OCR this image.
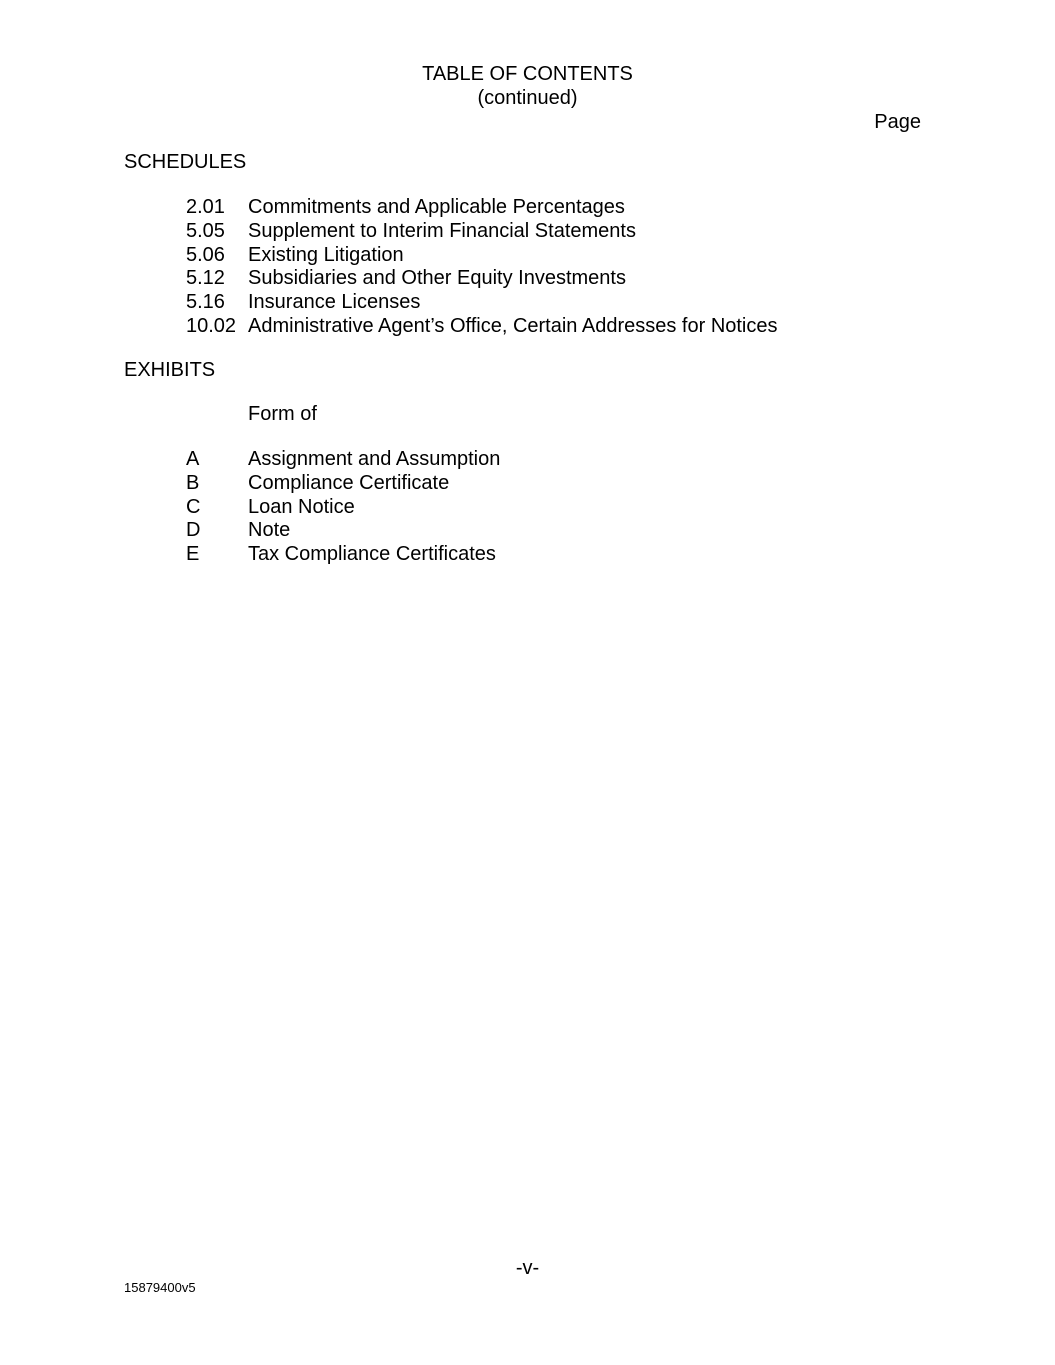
TABLE OF CONTENTS
(continued)
Page
SCHEDULES
2.01 Commitments and Applicable Percentages
5.05 Supplement to Interim Financial Statements
5.06 Existing Litigation
5.12 Subsidiaries and Other Equity Investments
5.16 Insurance Licenses
10.02 Administrative Agent’s Office, Certain Addresses for Notices
EXHIBITS
Form of
A Assignment and Assumption
B Compliance Certificate
C Loan Notice
D Note
E Tax Compliance Certificates
-v-
15879400v5
